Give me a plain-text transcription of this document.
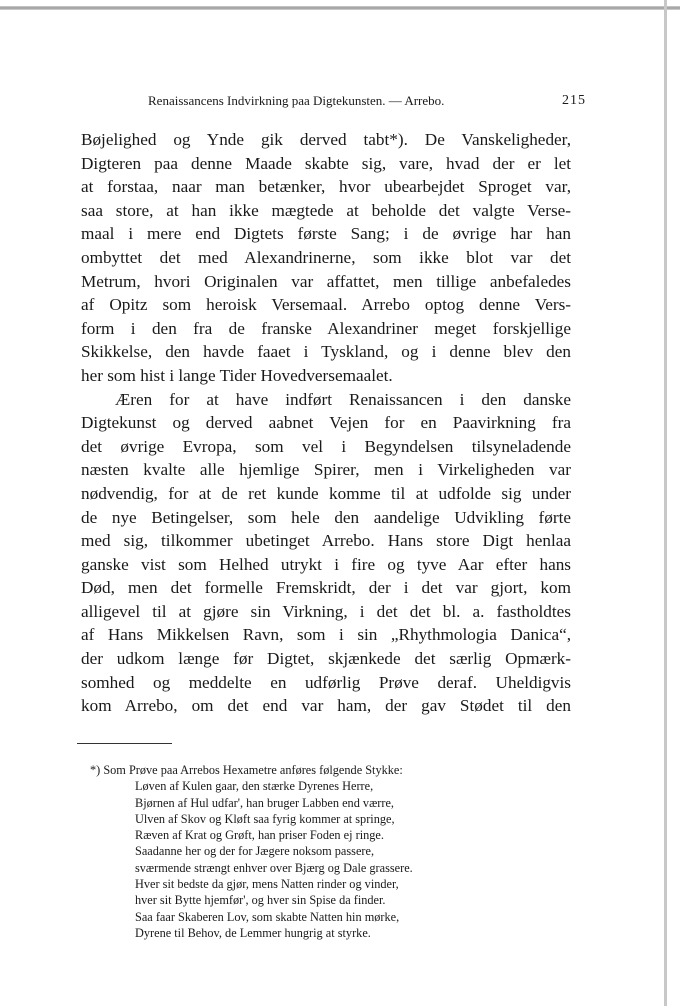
Renaissancens Indvirkning paa Digtekunsten. — Arrebo.	215
Bøjelighed og Ynde gik derved tabt*). De Vanskeligheder,
Digteren paa denne Maade skabte sig, vare, hvad der er let
at forstaa, naar man betænker, hvor ubearbejdet Sproget var,
saa store, at han ikke mægtede at beholde det valgte Verse-
maal i mere end Digtets første Sang; i de øvrige har han
ombyttet det med Alexandrinerne, som ikke blot var det
Metrum, hvori Originalen var affattet, men tillige anbefaledes
af Opitz som heroisk Versemaal. Arrebo optog denne Vers-
form i den fra de franske Alexandriner meget forskjellige
Skikkelse, den havde faaet i Tyskland, og i denne blev den
her som hist i lange Tider Hovedversemaalet.
Æren for at have indført Renaissancen i den danske
Digtekunst og derved aabnet Vejen for en Paavirkning fra
det øvrige Evropa, som vel i Begyndelsen tilsyneladende
næsten kvalte alle hjemlige Spirer, men i Virkeligheden var
nødvendig, for at de ret kunde komme til at udfolde sig under
de nye Betingelser, som hele den aandelige Udvikling førte
med sig, tilkommer ubetinget Arrebo. Hans store Digt henlaa
ganske vist som Helhed utrykt i fire og tyve Aar efter hans
Død, men det formelle Fremskridt, der i det var gjort, kom
alligevel til at gjøre sin Virkning, i det det bl. a. fastholdtes
af Hans Mikkelsen Ravn, som i sin „Rhythmologia Danica“,
der udkom længe før Digtet, skjænkede det særlig Opmærk-
somhed og meddelte en udførlig Prøve deraf. Uheldigvis
kom Arrebo, om det end var ham, der gav Stødet til den
*) Som Prøve paa Arrebos Hexametre anføres følgende Stykke:
Løven af Kulen gaar, den stærke Dyrenes Herre,
Bjørnen af Hul udfar', han bruger Labben end værre,
Ulven af Skov og Kløft saa fyrig kommer at springe,
Ræven af Krat og Grøft, han priser Foden ej ringe.
Saadanne her og der for Jægere noksom passere,
sværmende strængt enhver over Bjærg og Dale grassere.
Hver sit bedste da gjør, mens Natten rinder og vinder,
hver sit Bytte hjemfør', og hver sin Spise da finder.
Saa faar Skaberen Lov, som skabte Natten hin mørke,
Dyrene til Behov, de Lemmer hungrig at styrke.
